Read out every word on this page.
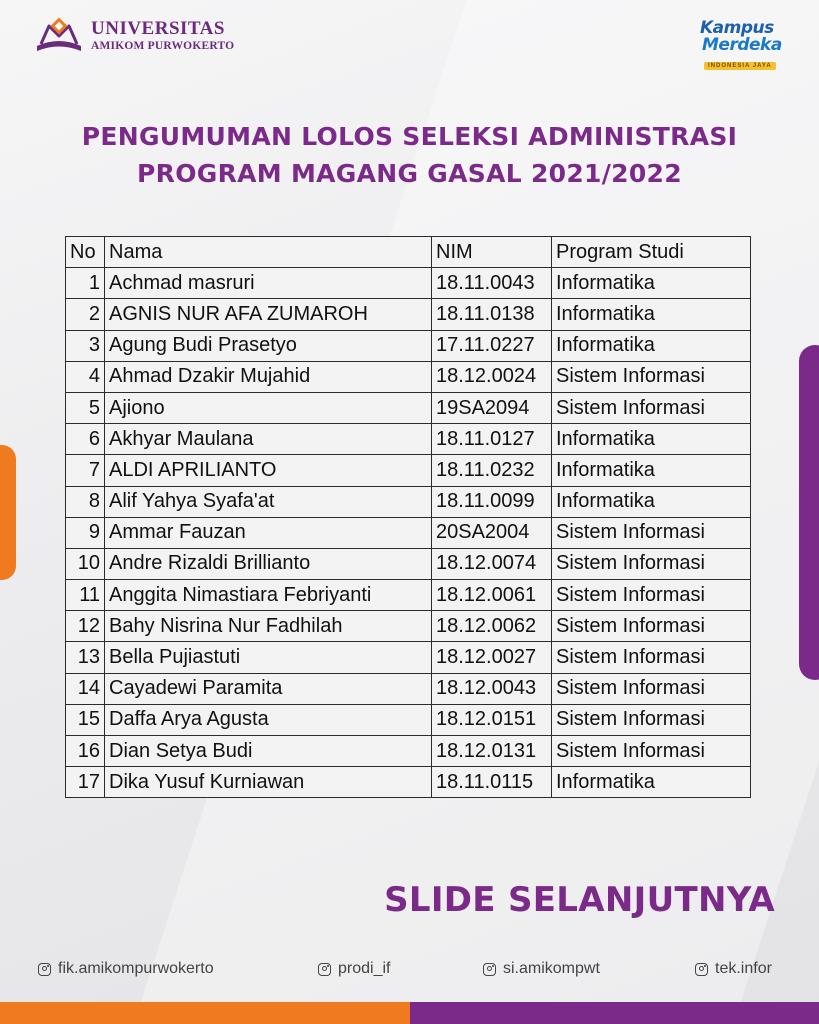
UNIVERSITAS
AMIKOM PURWOKERTO
Kampus
Merdeka
INDONESIA JAYA
PENGUMUMAN LOLOS SELEKSI ADMINISTRASI
PROGRAM MAGANG GASAL 2021/2022
No	Nama	NIM	Program Studi
1	Achmad masruri	18.11.0043	Informatika
2	AGNIS NUR AFA ZUMAROH	18.11.0138	Informatika
3	Agung Budi Prasetyo	17.11.0227	Informatika
4	Ahmad Dzakir Mujahid	18.12.0024	Sistem Informasi
5	Ajiono	19SA2094	Sistem Informasi
6	Akhyar Maulana	18.11.0127	Informatika
7	ALDI APRILIANTO	18.11.0232	Informatika
8	Alif Yahya Syafa'at	18.11.0099	Informatika
9	Ammar Fauzan	20SA2004	Sistem Informasi
10	Andre Rizaldi Brillianto	18.12.0074	Sistem Informasi
11	Anggita Nimastiara Febriyanti	18.12.0061	Sistem Informasi
12	Bahy Nisrina Nur Fadhilah	18.12.0062	Sistem Informasi
13	Bella Pujiastuti	18.12.0027	Sistem Informasi
14	Cayadewi Paramita	18.12.0043	Sistem Informasi
15	Daffa Arya Agusta	18.12.0151	Sistem Informasi
16	Dian Setya Budi	18.12.0131	Sistem Informasi
17	Dika Yusuf Kurniawan	18.11.0115	Informatika
SLIDE SELANJUTNYA
fik.amikompurwokerto	prodi_if	si.amikompwt	tek.infor
